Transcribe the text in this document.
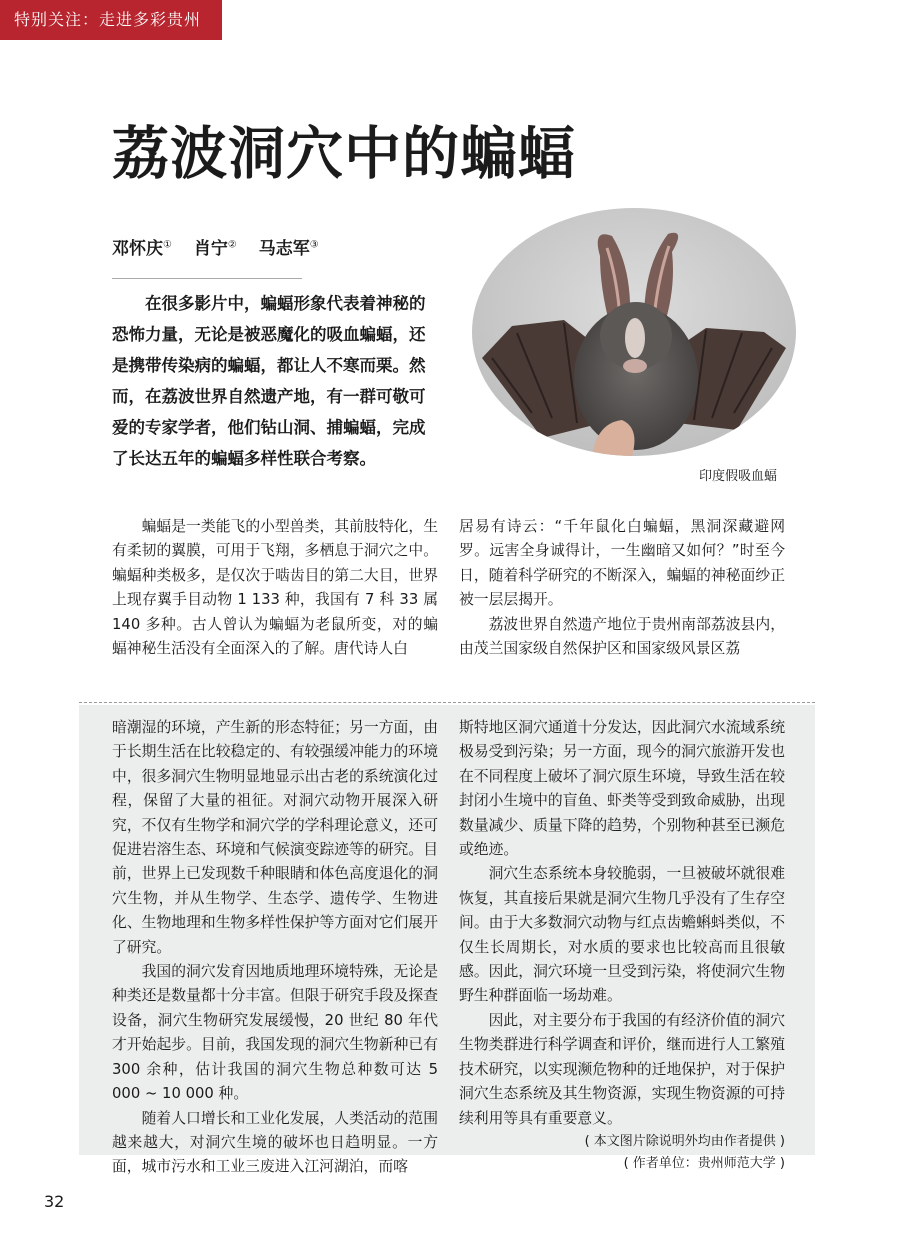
特别关注：走进多彩贵州
荔波洞穴中的蝙蝠
邓怀庆① 肖宁② 马志军③

在很多影片中，蝙蝠形象代表着神秘的恐怖力量，无论是被恶魔化的吸血蝙蝠，还是携带传染病的蝙蝠，都让人不寒而栗。然而，在荔波世界自然遗产地，有一群可敬可爱的专家学者，他们钻山洞、捕蝙蝠，完成了长达五年的蝙蝠多样性联合考察。

印度假吸血蝠

蝙蝠是一类能飞的小型兽类，其前肢特化，生有柔韧的翼膜，可用于飞翔，多栖息于洞穴之中。蝙蝠种类极多，是仅次于啮齿目的第二大目，世界上现存翼手目动物 1 133 种，我国有 7 科 33 属 140 多种。古人曾认为蝙蝠为老鼠所变，对的蝙蝠神秘生活没有全面深入的了解。唐代诗人白

居易有诗云：“千年鼠化白蝙蝠，黑洞深藏避网罗。远害全身诚得计，一生幽暗又如何？”时至今日，随着科学研究的不断深入，蝙蝠的神秘面纱正被一层层揭开。

荔波世界自然遗产地位于贵州南部荔波县内，由茂兰国家级自然保护区和国家级风景区荔

暗潮湿的环境，产生新的形态特征；另一方面，由于长期生活在比较稳定的、有较强缓冲能力的环境中，很多洞穴生物明显地显示出古老的系统演化过程，保留了大量的祖征。对洞穴动物开展深入研究，不仅有生物学和洞穴学的学科理论意义，还可促进岩溶生态、环境和气候演变踪迹等的研究。目前，世界上已发现数千种眼睛和体色高度退化的洞穴生物，并从生物学、生态学、遗传学、生物进化、生物地理和生物多样性保护等方面对它们展开了研究。

我国的洞穴发育因地质地理环境特殊，无论是种类还是数量都十分丰富。但限于研究手段及探查设备，洞穴生物研究发展缓慢，20 世纪 80 年代才开始起步。目前，我国发现的洞穴生物新种已有 300 余种，估计我国的洞穴生物总种数可达 5 000 ~ 10 000 种。

随着人口增长和工业化发展，人类活动的范围越来越大，对洞穴生境的破坏也日趋明显。一方面，城市污水和工业三废进入江河湖泊，而喀

斯特地区洞穴通道十分发达，因此洞穴水流域系统极易受到污染；另一方面，现今的洞穴旅游开发也在不同程度上破坏了洞穴原生环境，导致生活在较封闭小生境中的盲鱼、虾类等受到致命威胁，出现数量减少、质量下降的趋势，个别物种甚至已濒危或绝迹。

洞穴生态系统本身较脆弱，一旦被破坏就很难恢复，其直接后果就是洞穴生物几乎没有了生存空间。由于大多数洞穴动物与红点齿蟾蝌蚪类似，不仅生长周期长，对水质的要求也比较高而且很敏感。因此，洞穴环境一旦受到污染，将使洞穴生物野生种群面临一场劫难。

因此，对主要分布于我国的有经济价值的洞穴生物类群进行科学调查和评价，继而进行人工繁殖技术研究，以实现濒危物种的迁地保护，对于保护洞穴生态系统及其生物资源，实现生物资源的可持续利用等具有重要意义。

( 本文图片除说明外均由作者提供 )

( 作者单位：贵州师范大学 )

32
